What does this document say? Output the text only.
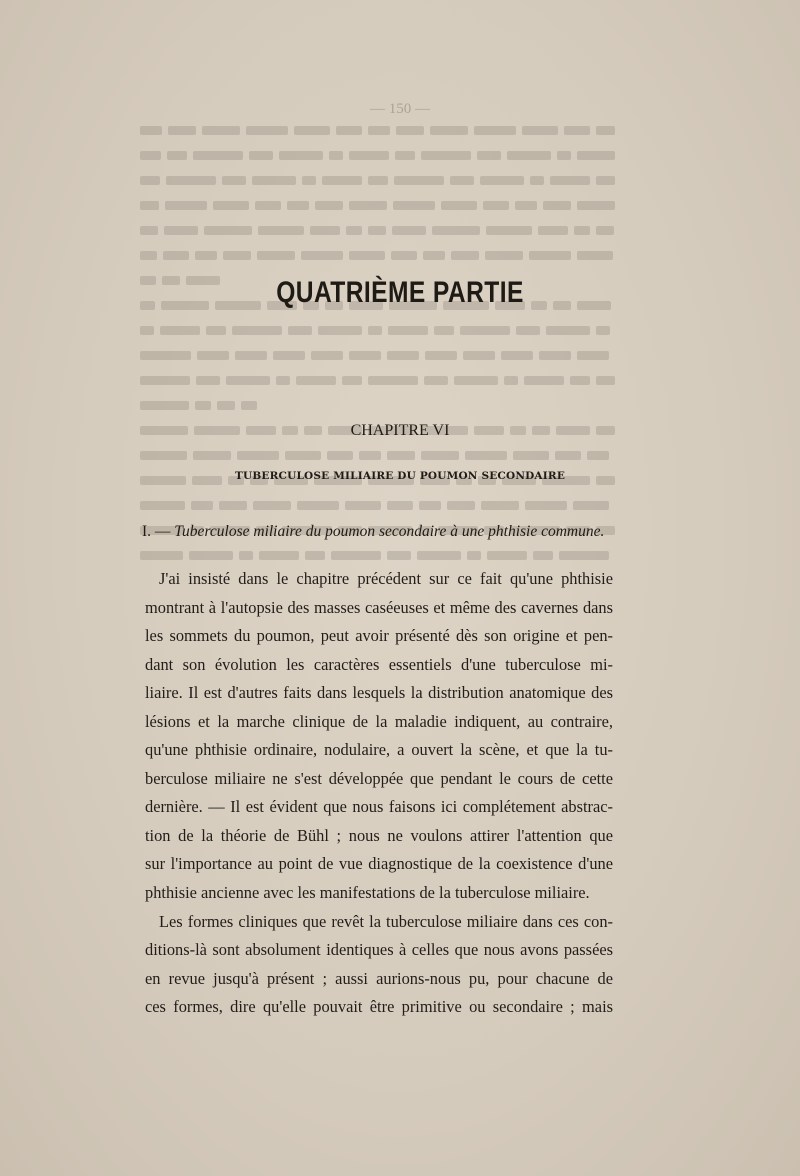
— 150 —
QUATRIÈME PARTIE
CHAPITRE VI
TUBERCULOSE MILIAIRE DU POUMON SECONDAIRE
I. — Tuberculose miliaire du poumon secondaire à une phthisie commune.
J'ai insisté dans le chapitre précédent sur ce fait qu'une phthisie
montrant à l'autopsie des masses caséeuses et même des cavernes dans
les sommets du poumon, peut avoir présenté dès son origine et pen-
dant son évolution les caractères essentiels d'une tuberculose mi-
liaire. Il est d'autres faits dans lesquels la distribution anatomique des
lésions et la marche clinique de la maladie indiquent, au contraire,
qu'une phthisie ordinaire, nodulaire, a ouvert la scène, et que la tu-
berculose miliaire ne s'est développée que pendant le cours de cette
dernière. — Il est évident que nous faisons ici complétement abstrac-
tion de la théorie de Bühl ; nous ne voulons attirer l'attention que
sur l'importance au point de vue diagnostique de la coexistence d'une
phthisie ancienne avec les manifestations de la tuberculose miliaire.
Les formes cliniques que revêt la tuberculose miliaire dans ces con-
ditions-là sont absolument identiques à celles que nous avons passées
en revue jusqu'à présent ; aussi aurions-nous pu, pour chacune de
ces formes, dire qu'elle pouvait être primitive ou secondaire ; mais
